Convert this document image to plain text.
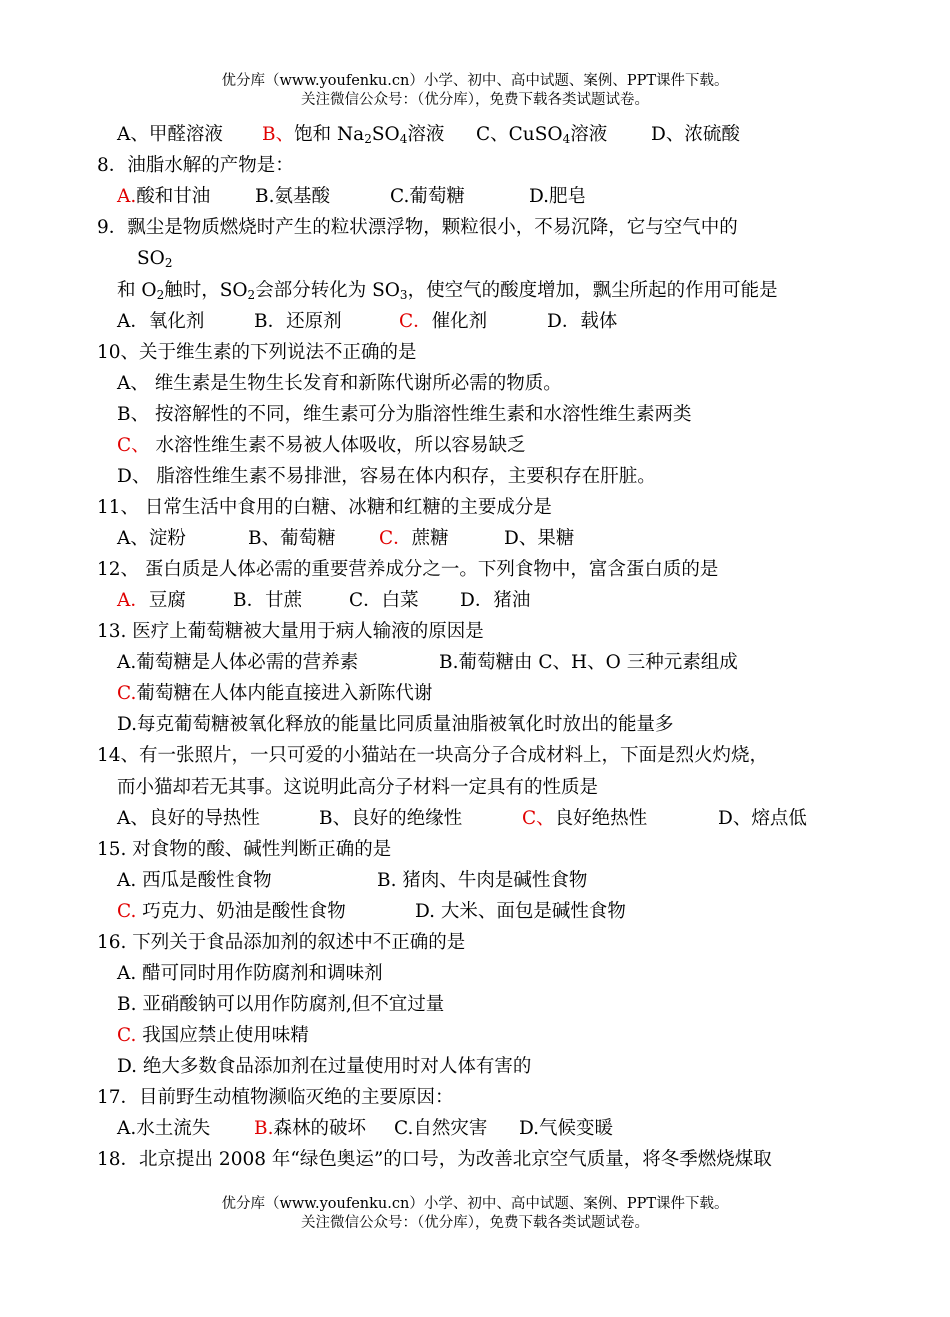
优分库（www.youfenku.cn）小学、初中、高中试题、案例、PPT课件下载。
关注微信公众号：（优分库），免费下载各类试题试卷。
A、甲醛溶液 B、饱和 $Na_2SO_4$溶液 C、CuSO$_4$溶液 D、浓硫酸
8．油脂水解的产物是：
A.酸和甘油 B.氨基酸	C.葡萄糖	D.肥皂
9．飘尘是物质燃烧时产生的粒状漂浮物，颗粒很小，不易沉降，它与空气中的
$SO_2$
和 $O_2$触时，$SO_2$会部分转化为 $SO_3$，使空气的酸度增加，飘尘所起的作用可能是
A．氧化剂	B．还原剂	C．催化剂	D．载体
10、关于维生素的下列说法不正确的是
A、 维生素是生物生长发育和新陈代谢所必需的物质。
B、 按溶解性的不同，维生素可分为脂溶性维生素和水溶性维生素两类
C、 水溶性维生素不易被人体吸收，所以容易缺乏
D、 脂溶性维生素不易排泄，容易在体内积存，主要积存在肝脏。
11、 日常生活中食用的白糖、冰糖和红糖的主要成分是
A、淀粉	B、葡萄糖 C．蔗糖	D、果糖
12、 蛋白质是人体必需的重要营养成分之一。下列食物中，富含蛋白质的是
A．豆腐	B．甘蔗	C．白菜 D．猪油
13. 医疗上葡萄糖被大量用于病人输液的原因是
A.葡萄糖是人体必需的营养素	B.葡萄糖由 C、H、O 三种元素组成
C.葡萄糖在人体内能直接进入新陈代谢
D.每克葡萄糖被氧化释放的能量比同质量油脂被氧化时放出的能量多
14、有一张照片，一只可爱的小猫站在一块高分子合成材料上，下面是烈火灼烧，
而小猫却若无其事。这说明此高分子材料一定具有的性质是
A、良好的导热性	B、良好的绝缘性	C、良好绝热性	D、熔点低
15. 对食物的酸、碱性判断正确的是
A. 西瓜是酸性食物	B. 猪肉、牛肉是碱性食物
C. 巧克力、奶油是酸性食物	D. 大米、面包是碱性食物
16. 下列关于食品添加剂的叙述中不正确的是
A. 醋可同时用作防腐剂和调味剂
B. 亚硝酸钠可以用作防腐剂,但不宜过量
C. 我国应禁止使用味精
D. 绝大多数食品添加剂在过量使用时对人体有害的
17．目前野生动植物濒临灭绝的主要原因：
A.水土流失 B.森林的破坏 C.自然灾害 D.气候变暖
18．北京提出 2008 年“绿色奥运”的口号，为改善北京空气质量，将冬季燃烧煤取
优分库（www.youfenku.cn）小学、初中、高中试题、案例、PPT课件下载。
关注微信公众号：（优分库），免费下载各类试题试卷。
